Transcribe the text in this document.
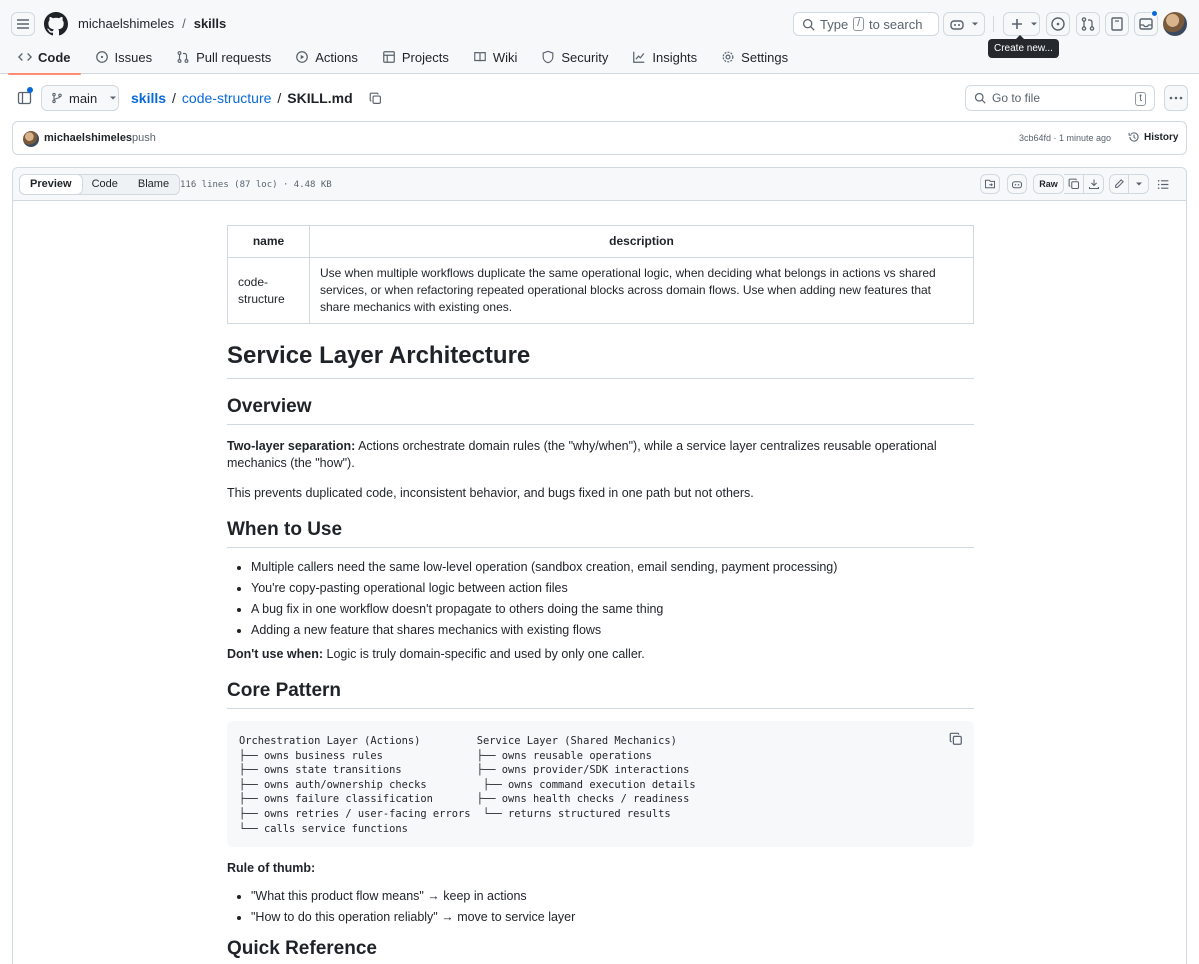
michaelshimeles / skills	Type / to search
Create new...
Code	Issues	Pull requests	Actions	Projects	Wiki	Security	Insights	Settings
main skills / code-structure / SKILL.md	Go to file	t
michaelshimeles push	3cb64fd · 1 minute ago	History
Preview	Code	Blame	116 lines (87 loc) · 4.48 KB	Raw
name	description
code-structure	Use when multiple workflows duplicate the same operational logic, when deciding what belongs in actions vs shared services, or when refactoring repeated operational blocks across domain flows. Use when adding new features that share mechanics with existing ones.
Service Layer Architecture
Overview

Two-layer separation: Actions orchestrate domain rules (the "why/when"), while a service layer centralizes reusable operational mechanics (the "how").

This prevents duplicated code, inconsistent behavior, and bugs fixed in one path but not others.

When to Use
• Multiple callers need the same low-level operation (sandbox creation, email sending, payment processing)
• You're copy-pasting operational logic between action files
• A bug fix in one workflow doesn't propagate to others doing the same thing
• Adding a new feature that shares mechanics with existing flows

Don't use when: Logic is truly domain-specific and used by only one caller.

Core Pattern
Orchestration Layer (Actions)         Service Layer (Shared Mechanics)
├── owns business rules               ├── owns reusable operations
├── owns state transitions            ├── owns provider/SDK interactions
├── owns auth/ownership checks         ├── owns command execution details
├── owns failure classification       ├── owns health checks / readiness
├── owns retries / user-facing errors  └── returns structured results
└── calls service functions

Rule of thumb:

• "What this product flow means" → keep in actions
• "How to do this operation reliably" → move to service layer
Quick Reference
